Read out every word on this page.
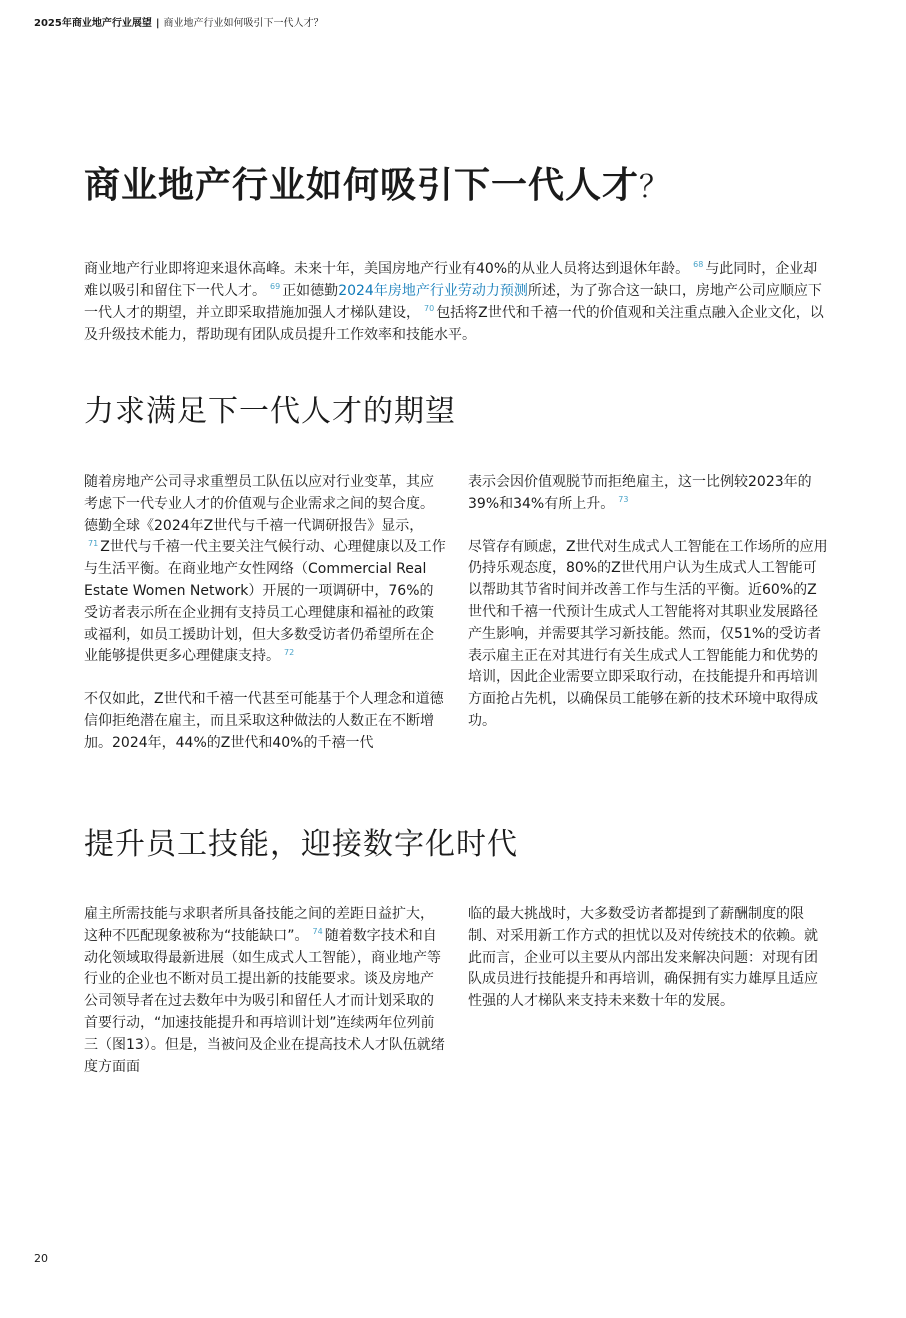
2025年商业地产行业展望 | 商业地产行业如何吸引下一代人才？
商业地产行业如何吸引下一代人才？

商业地产行业即将迎来退休高峰。未来十年，美国房地产行业有40%的从业人员将达到退休年龄。 $^{68}$ 与此同时，企业却难以吸引和留住下一代人才。 $^{69}$ 正如德勤2024年房地产行业劳动力预测所述，为了弥合这一缺口，房地产公司应顺应下一代人才的期望，并立即采取措施加强人才梯队建设， $^{70}$ 包括将Z世代和千禧一代的价值观和关注重点融入企业文化，以及升级技术能力，帮助现有团队成员提升工作效率和技能水平。

力求满足下一代人才的期望

随着房地产公司寻求重塑员工队伍以应对行业变革，其应考虑下一代专业人才的价值观与企业需求之间的契合度。德勤全球《2024年Z世代与千禧一代调研报告》显示，$^{71}$ Z世代与千禧一代主要关注气候行动、心理健康以及工作与生活平衡。在商业地产女性网络（Commercial Real Estate Women Network）开展的一项调研中，76%的受访者表示所在企业拥有支持员工心理健康和福祉的政策或福利，如员工援助计划，但大多数受访者仍希望所在企业能够提供更多心理健康支持。 $^{72}$

不仅如此，Z世代和千禧一代甚至可能基于个人理念和道德信仰拒绝潜在雇主，而且采取这种做法的人数正在不断增加。2024年，44%的Z世代和40%的千禧一代

表示会因价值观脱节而拒绝雇主，这一比例较2023年的39%和34%有所上升。 $^{73}$

尽管存有顾虑，Z世代对生成式人工智能在工作场所的应用仍持乐观态度，80%的Z世代用户认为生成式人工智能可以帮助其节省时间并改善工作与生活的平衡。近60%的Z世代和千禧一代预计生成式人工智能将对其职业发展路径产生影响，并需要其学习新技能。然而，仅51%的受访者表示雇主正在对其进行有关生成式人工智能能力和优势的培训，因此企业需要立即采取行动，在技能提升和再培训方面抢占先机，以确保员工能够在新的技术环境中取得成功。

提升员工技能，迎接数字化时代

雇主所需技能与求职者所具备技能之间的差距日益扩大，这种不匹配现象被称为“技能缺口”。 $^{74}$ 随着数字技术和自动化领域取得最新进展（如生成式人工智能），商业地产等行业的企业也不断对员工提出新的技能要求。谈及房地产公司领导者在过去数年中为吸引和留任人才而计划采取的首要行动，“加速技能提升和再培训计划”连续两年位列前三（图13）。但是，当被问及企业在提高技术人才队伍就绪度方面面

临的最大挑战时，大多数受访者都提到了薪酬制度的限制、对采用新工作方式的担忧以及对传统技术的依赖。就此而言，企业可以主要从内部出发来解决问题：对现有团队成员进行技能提升和再培训，确保拥有实力雄厚且适应性强的人才梯队来支持未来数十年的发展。

20
